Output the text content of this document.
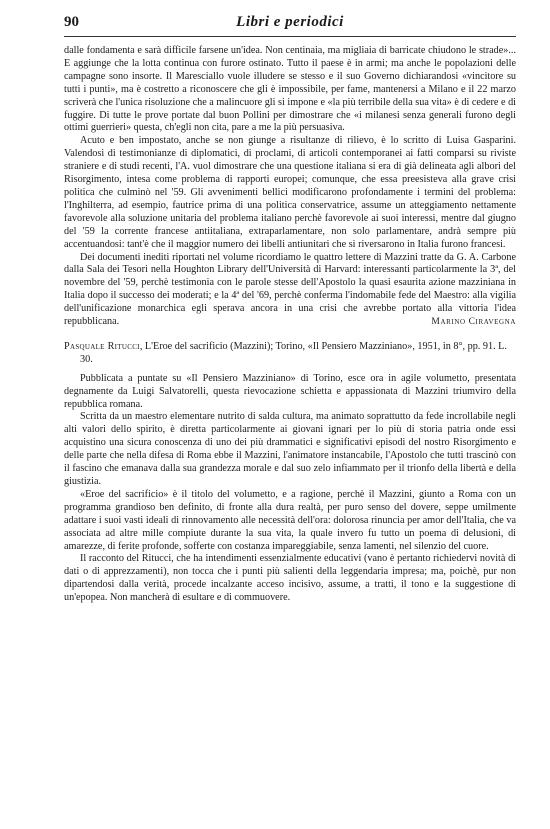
90	Libri e periodici

dalle fondamenta e sarà difficile farsene un'idea. Non centinaia, ma migliaia di barricate chiudono le strade»... E aggiunge che la lotta continua con furore ostinato. Tutto il paese è in armi; ma anche le popolazioni delle campagne sono insorte. Il Maresciallo vuole illudere se stesso e il suo Governo dichiarandosi «vincitore su tutti i punti», ma è costretto a riconoscere che gli è impossibile, per fame, mantenersi a Milano e il 22 marzo scriverà che l'unica risoluzione che a malincuore gli si impone e «la più terribile della sua vita» è di cedere e di fuggire. Di tutte le prove portate dal buon Pollini per dimostrare che «i milanesi senza generali furono degli ottimi guerrieri» questa, ch'egli non cita, pare a me la più persuasiva.

Acuto e ben impostato, anche se non giunge a risultanze di rilievo, è lo scritto di Luisa Gasparini. Valendosi di testimonianze di diplomatici, di proclami, di articoli contemporanei ai fatti comparsi su riviste straniere e di studi recenti, l'A. vuol dimostrare che una questione italiana si era di già delineata agli albori del Risorgimento, intesa come problema di rapporti europei; comunque, che essa preesisteva alla grave crisi politica che culminò nel '59. Gli avvenimenti bellici modificarono profondamente i termini del problema: l'Inghilterra, ad esempio, fautrice prima di una politica conservatrice, assume un atteggiamento nettamente favorevole alla soluzione unitaria del problema italiano perchè favorevole ai suoi interessi, mentre dal giugno del '59 la corrente francese antiitaliana, extraparlamentare, non solo parlamentare, andrà sempre più accentuandosi: tant'è che il maggior numero dei libelli antiunitari che si riversarono in Italia furono francesi.

Dei documenti inediti riportati nel volume ricordiamo le quattro lettere di Mazzini tratte da G. A. Carbone dalla Sala dei Tesori nella Houghton Library dell'Università di Harvard: interessanti particolarmente la 3ª, del novembre del '59, perchè testimonia con le parole stesse dell'Apostolo la quasi esaurita azione mazziniana in Italia dopo il successo dei moderati; e la 4ª del '69, perchè conferma l'indomabile fede del Maestro: alla vigilia dell'unificazione monarchica egli sperava ancora in una crisi che avrebbe portato alla vittoria l'idea repubblicana.	Marino Ciravegna
Pasquale Ritucci, L'Eroe del sacrificio (Mazzini); Torino, «Il Pensiero Mazziniano», 1951, in 8°, pp. 91. L. 30.

Pubblicata a puntate su «Il Pensiero Mazziniano» di Torino, esce ora in agile volumetto, presentata degnamente da Luigi Salvatorelli, questa rievocazione schietta e appassionata di Mazzini triumviro della repubblica romana.

Scritta da un maestro elementare nutrito di salda cultura, ma animato soprattutto da fede incrollabile negli alti valori dello spirito, è diretta particolarmente ai giovani ignari per lo più di storia patria onde essi acquistino una sicura conoscenza di uno dei più drammatici e significativi episodi del nostro Risorgimento e delle parte che nella difesa di Roma ebbe il Mazzini, l'animatore instancabile, l'Apostolo che tutti trascinò con il fascino che emanava dalla sua grandezza morale e dal suo zelo infiammato per il trionfo della libertà e della giustizia.

«Eroe del sacrificio» è il titolo del volumetto, e a ragione, perchè il Mazzini, giunto a Roma con un programma grandioso ben definito, di fronte alla dura realtà, per puro senso del dovere, seppe umilmente adattare i suoi vasti ideali di rinnovamento alle necessità dell'ora: dolorosa rinuncia per amor dell'Italia, che va associata ad altre mille compiute durante la sua vita, la quale invero fu tutto un poema di delusioni, di amarezze, di ferite profonde, sofferte con costanza impareggiabile, senza lamenti, nel silenzio del cuore.

Il racconto del Ritucci, che ha intendimenti essenzialmente educativi (vano è pertanto richiedervi novità di dati o di apprezzamenti), non tocca che i punti più salienti della leggendaria impresa; ma, poichè, pur non dipartendosi dalla verità, procede incalzante acceso incisivo, assume, a tratti, il tono e la suggestione di un'epopea. Non mancherà di esultare e di commuovere.
